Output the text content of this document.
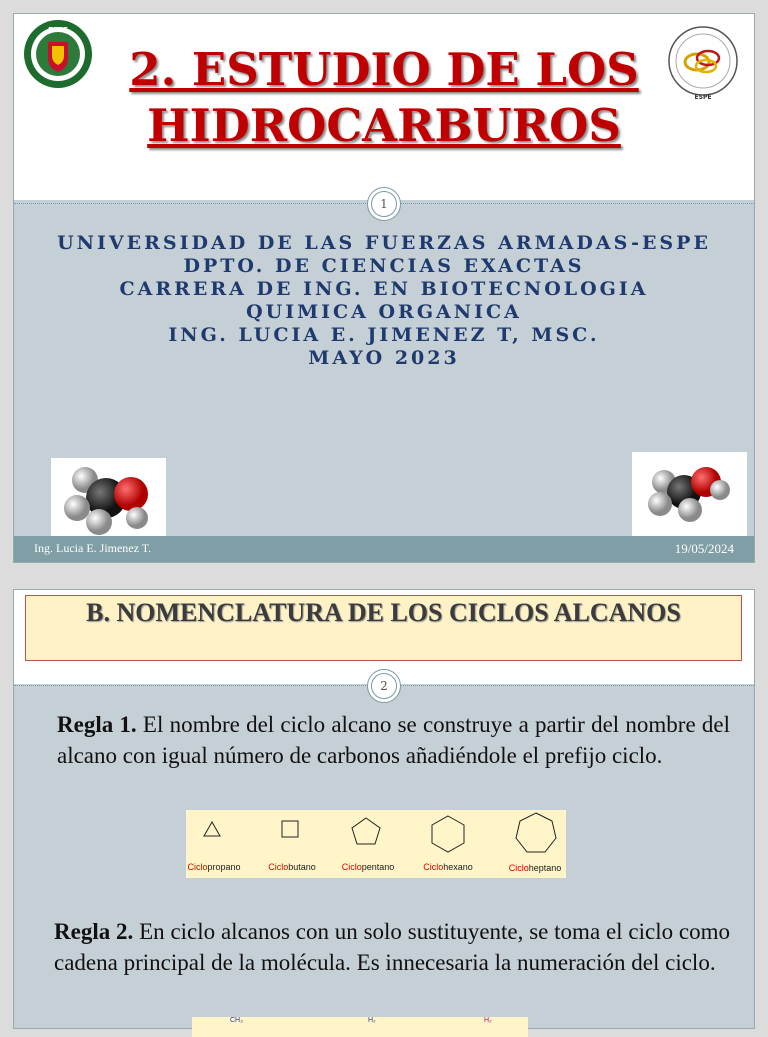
ESPE
ESPE
2. ESTUDIO DE LOS HIDROCARBUROS
1
UNIVERSIDAD DE LAS FUERZAS ARMADAS-ESPE
DPTO. DE CIENCIAS EXACTAS
CARRERA DE ING. EN BIOTECNOLOGIA
QUIMICA ORGANICA
ING. LUCIA E. JIMENEZ T, MSC.
MAYO 2023
Ing. Lucia E. Jimenez T.	19/05/2024
B. NOMENCLATURA DE LOS CICLOS ALCANOS
2
Regla 1. El nombre del ciclo alcano se construye a partir del nombre del alcano con igual número de carbonos añadiéndole el prefijo ciclo.
Ciclopropano	Ciclobutano	Ciclopentano	Ciclohexano	Cicloheptano
Regla 2. En ciclo alcanos con un solo sustituyente, se toma el ciclo como cadena principal de la molécula. Es innecesaria la numeración del ciclo.
CH₃	H₂	H₂
